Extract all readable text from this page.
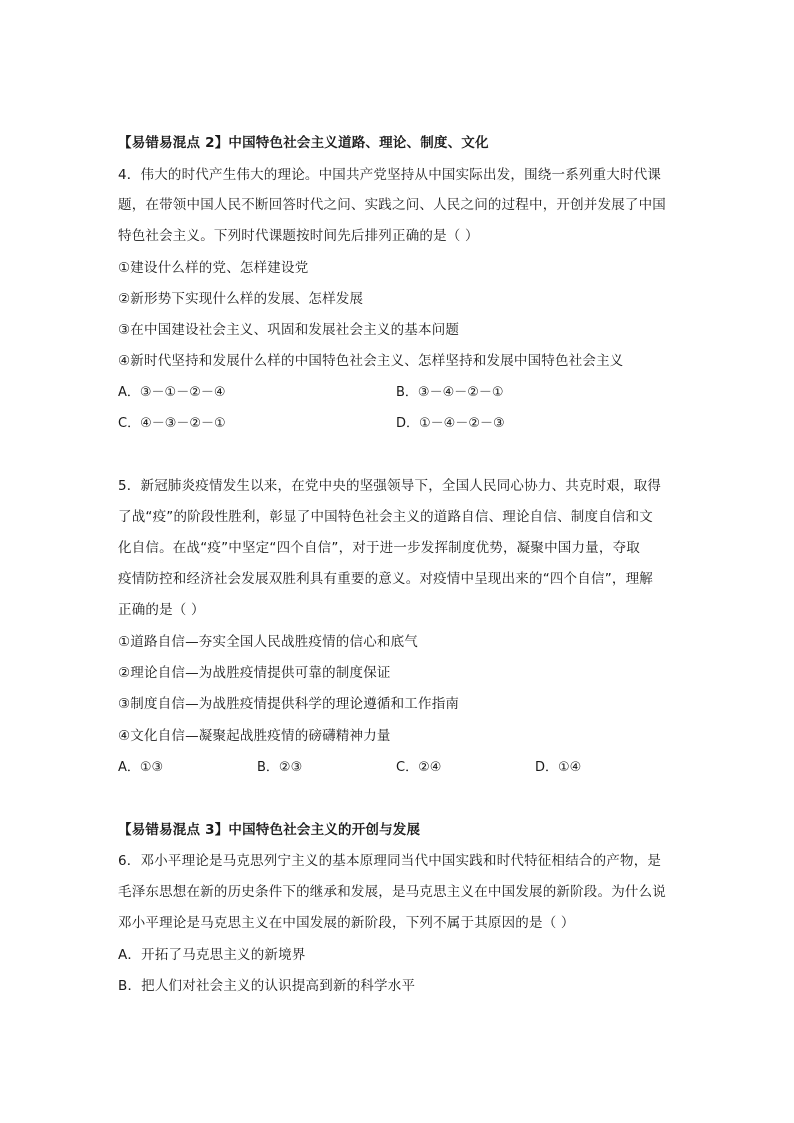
【易错易混点 2】中国特色社会主义道路、理论、制度、文化
4．伟大的时代产生伟大的理论。中国共产党坚持从中国实际出发，围绕一系列重大时代课
题，在带领中国人民不断回答时代之问、实践之问、人民之问的过程中，开创并发展了中国
特色社会主义。下列时代课题按时间先后排列正确的是（ ）
①建设什么样的党、怎样建设党
②新形势下实现什么样的发展、怎样发展
③在中国建设社会主义、巩固和发展社会主义的基本问题
④新时代坚持和发展什么样的中国特色社会主义、怎样坚持和发展中国特色社会主义
A．③－①－②－④	B．③－④－②－①
C．④－③－②－①	D．①－④－②－③
5．新冠肺炎疫情发生以来，在党中央的坚强领导下，全国人民同心协力、共克时艰，取得
了战“疫”的阶段性胜利，彰显了中国特色社会主义的道路自信、理论自信、制度自信和文
化自信。在战“疫”中坚定“四个自信”，对于进一步发挥制度优势，凝聚中国力量，夺取
疫情防控和经济社会发展双胜利具有重要的意义。对疫情中呈现出来的“四个自信”，理解
正确的是（ ）
①道路自信—夯实全国人民战胜疫情的信心和底气
②理论自信—为战胜疫情提供可靠的制度保证
③制度自信—为战胜疫情提供科学的理论遵循和工作指南
④文化自信—凝聚起战胜疫情的磅礴精神力量
A．①③	B．②③	C．②④	D．①④
【易错易混点 3】中国特色社会主义的开创与发展
6．邓小平理论是马克思列宁主义的基本原理同当代中国实践和时代特征相结合的产物，是
毛泽东思想在新的历史条件下的继承和发展，是马克思主义在中国发展的新阶段。为什么说
邓小平理论是马克思主义在中国发展的新阶段，下列不属于其原因的是（ ）
A．开拓了马克思主义的新境界
B．把人们对社会主义的认识提高到新的科学水平
